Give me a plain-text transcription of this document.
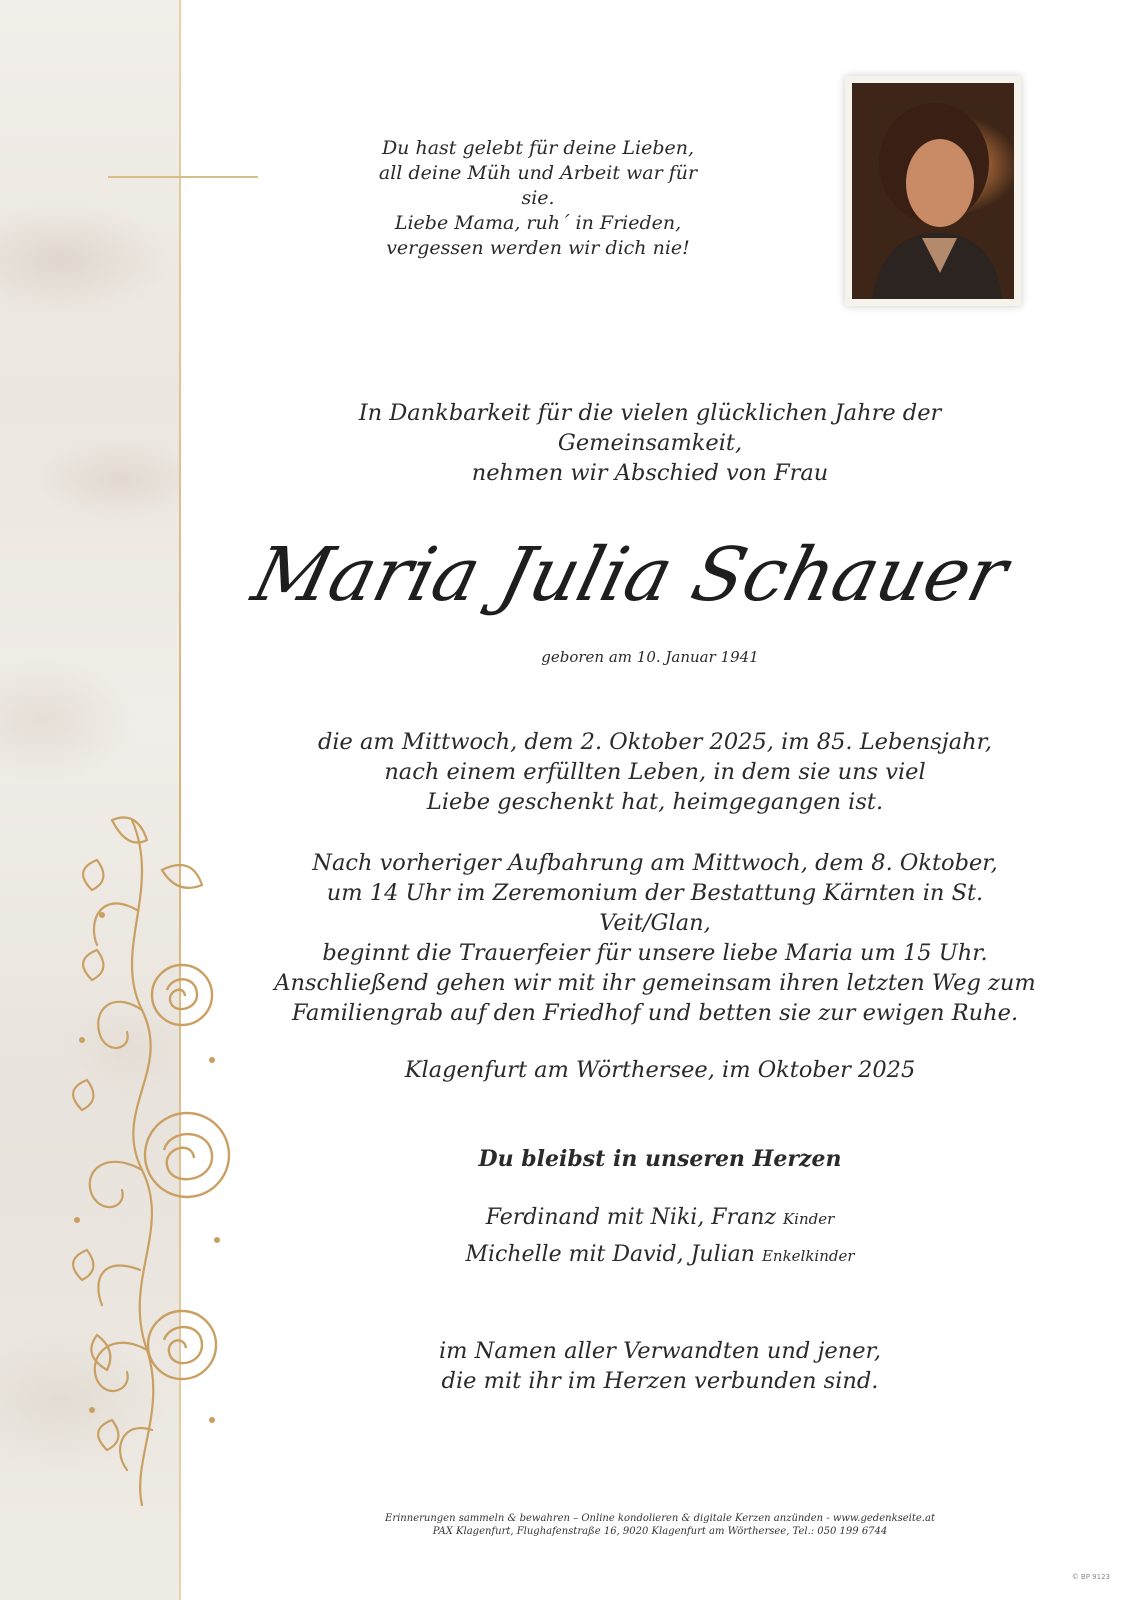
Du hast gelebt für deine Lieben,
all deine Müh und Arbeit war für sie.
Liebe Mama, ruh´ in Frieden,
vergessen werden wir dich nie!
In Dankbarkeit für die vielen glücklichen Jahre der Gemeinsamkeit,
nehmen wir Abschied von Frau
Maria Julia Schauer
geboren am 10. Januar 1941
die am Mittwoch, dem 2. Oktober 2025, im 85. Lebensjahr,
nach einem erfüllten Leben, in dem sie uns viel
Liebe geschenkt hat, heimgegangen ist.
Nach vorheriger Aufbahrung am Mittwoch, dem 8. Oktober,
um 14 Uhr im Zeremonium der Bestattung Kärnten in St. Veit/Glan,
beginnt die Trauerfeier für unsere liebe Maria um 15 Uhr.
Anschließend gehen wir mit ihr gemeinsam ihren letzten Weg zum
Familiengrab auf den Friedhof und betten sie zur ewigen Ruhe.
Klagenfurt am Wörthersee, im Oktober 2025
Du bleibst in unseren Herzen
Ferdinand mit Niki, Franz Kinder
Michelle mit David, Julian Enkelkinder
im Namen aller Verwandten und jener,
die mit ihr im Herzen verbunden sind.
Erinnerungen sammeln & bewahren – Online kondolieren & digitale Kerzen anzünden - www.gedenkseite.at
PAX Klagenfurt, Flughafenstraße 16, 9020 Klagenfurt am Wörthersee, Tel.: 050 199 6744
© BP 9123
